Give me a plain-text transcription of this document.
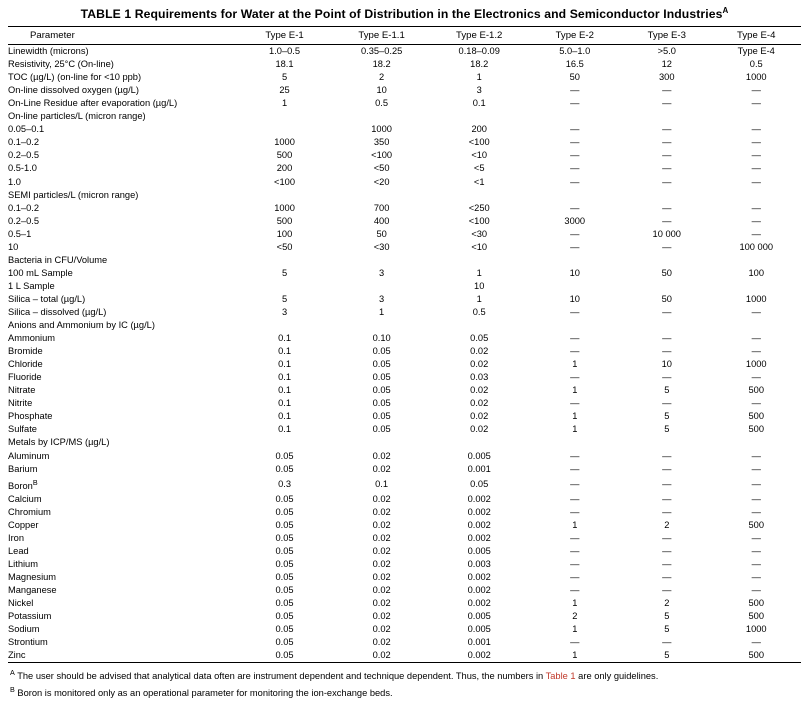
TABLE 1 Requirements for Water at the Point of Distribution in the Electronics and Semiconductor Industries$^A$
Parameter	Type E-1	Type E-1.1	Type E-1.2	Type E-2	Type E-3	Type E-4
Linewidth (microns)	1.0–0.5	0.35–0.25	0.18–0.09	5.0–1.0	>5.0	Type E-4
Resistivity, 25°C (On-line)	18.1	18.2	18.2	16.5	12	0.5
TOC (µg/L) (on-line for <10 ppb)	5	2	1	50	300	1000
On-line dissolved oxygen (µg/L)	25	10	3	—	—	—
On-Line Residue after evaporation (µg/L)	1	0.5	0.1	—	—	—
On-line particles/L (micron range)						
0.05–0.1		1000	200	—	—	—
0.1–0.2	1000	350	<100	—	—	—
0.2–0.5	500	<100	<10	—	—	—
0.5-1.0	200	<50	<5	—	—	—
1.0	<100	<20	<1	—	—	—
SEMI particles/L (micron range)						
0.1–0.2	1000	700	<250	—	—	—
0.2–0.5	500	400	<100	3000	—	—
0.5–1	100	50	<30	—	10 000	—
10	<50	<30	<10	—	—	100 000
Bacteria in CFU/Volume						
100 mL Sample	5	3	1	10	50	100
1 L Sample			10			
Silica – total (µg/L)	5	3	1	10	50	1000
Silica – dissolved (µg/L)	3	1	0.5	—	—	—
Anions and Ammonium by IC (µg/L)						
Ammonium	0.1	0.10	0.05	—	—	—
Bromide	0.1	0.05	0.02	—	—	—
Chloride	0.1	0.05	0.02	1	10	1000
Fluoride	0.1	0.05	0.03	—	—	—
Nitrate	0.1	0.05	0.02	1	5	500
Nitrite	0.1	0.05	0.02	—	—	—
Phosphate	0.1	0.05	0.02	1	5	500
Sulfate	0.1	0.05	0.02	1	5	500
Metals by ICP/MS (µg/L)						
Aluminum	0.05	0.02	0.005	—	—	—
Barium	0.05	0.02	0.001	—	—	—
Boron$^B$	0.3	0.1	0.05	—	—	—
Calcium	0.05	0.02	0.002	—	—	—
Chromium	0.05	0.02	0.002	—	—	—
Copper	0.05	0.02	0.002	1	2	500
Iron	0.05	0.02	0.002	—	—	—
Lead	0.05	0.02	0.005	—	—	—
Lithium	0.05	0.02	0.003	—	—	—
Magnesium	0.05	0.02	0.002	—	—	—
Manganese	0.05	0.02	0.002	—	—	—
Nickel	0.05	0.02	0.002	1	2	500
Potassium	0.05	0.02	0.005	2	5	500
Sodium	0.05	0.02	0.005	1	5	1000
Strontium	0.05	0.02	0.001	—	—	—
Zinc	0.05	0.02	0.002	1	5	500
$^A$ The user should be advised that analytical data often are instrument dependent and technique dependent. Thus, the numbers in Table 1 are only guidelines.
$^B$ Boron is monitored only as an operational parameter for monitoring the ion-exchange beds.
